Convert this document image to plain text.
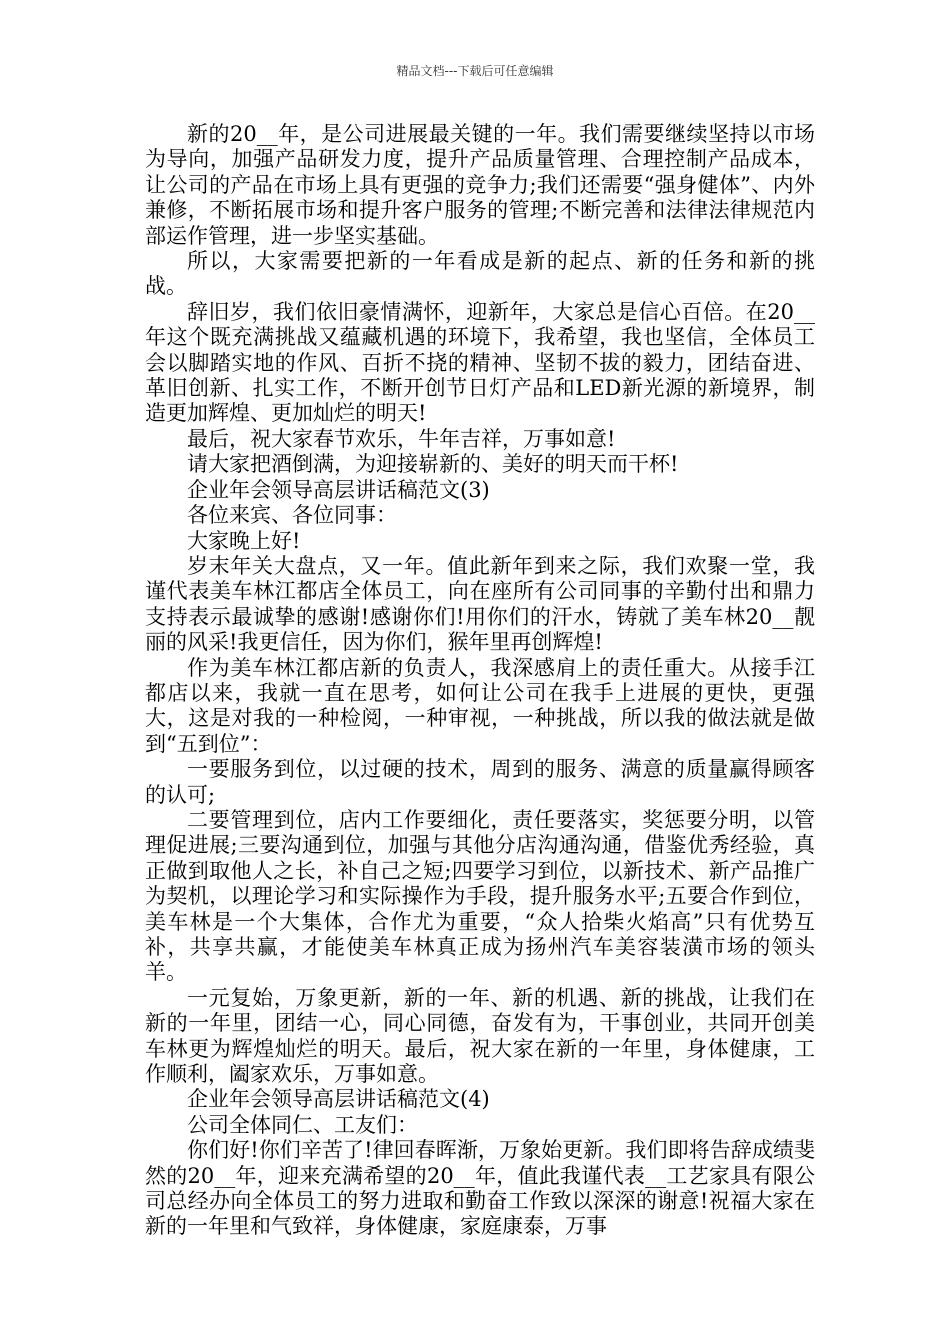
精品文档---下载后可任意编辑

新的20__年，是公司进展最关键的一年。我们需要继续坚持以市场为导向，加强产品研发力度，提升产品质量管理、合理控制产品成本，让公司的产品在市场上具有更强的竞争力;我们还需要“强身健体”、内外兼修，不断拓展市场和提升客户服务的管理;不断完善和法律法律规范内部运作管理，进一步坚实基础。

所以，大家需要把新的一年看成是新的起点、新的任务和新的挑战。

辞旧岁，我们依旧豪情满怀，迎新年，大家总是信心百倍。在20__年这个既充满挑战又蕴藏机遇的环境下，我希望，我也坚信，全体员工会以脚踏实地的作风、百折不挠的精神、坚韧不拔的毅力，团结奋进、革旧创新、扎实工作，不断开创节日灯产品和LED新光源的新境界，制造更加辉煌、更加灿烂的明天!

最后，祝大家春节欢乐，牛年吉祥，万事如意!

请大家把酒倒满，为迎接崭新的、美好的明天而干杯!

企业年会领导高层讲话稿范文(3)

各位来宾、各位同事：

大家晚上好!

岁末年关大盘点，又一年。值此新年到来之际，我们欢聚一堂，我谨代表美车林江都店全体员工，向在座所有公司同事的辛勤付出和鼎力支持表示最诚挚的感谢!感谢你们!用你们的汗水，铸就了美车林20__靓丽的风采!我更信任，因为你们，猴年里再创辉煌!

作为美车林江都店新的负责人，我深感肩上的责任重大。从接手江都店以来，我就一直在思考，如何让公司在我手上进展的更快，更强大，这是对我的一种检阅，一种审视，一种挑战，所以我的做法就是做到“五到位”：

一要服务到位，以过硬的技术，周到的服务、满意的质量赢得顾客的认可;

二要管理到位，店内工作要细化，责任要落实，奖惩要分明，以管理促进展;三要沟通到位，加强与其他分店沟通沟通，借鉴优秀经验，真正做到取他人之长，补自己之短;四要学习到位，以新技术、新产品推广为契机，以理论学习和实际操作为手段，提升服务水平;五要合作到位，美车林是一个大集体，合作尤为重要，“众人拾柴火焰高”只有优势互补，共享共赢，才能使美车林真正成为扬州汽车美容装潢市场的领头羊。

一元复始，万象更新，新的一年、新的机遇、新的挑战，让我们在新的一年里，团结一心，同心同德，奋发有为，干事创业，共同开创美车林更为辉煌灿烂的明天。最后，祝大家在新的一年里，身体健康，工作顺利，阖家欢乐，万事如意。

企业年会领导高层讲话稿范文(4)

公司全体同仁、工友们：

你们好!你们辛苦了!律回春晖渐，万象始更新。我们即将告辞成绩斐然的20__年，迎来充满希望的20__年，值此我谨代表__工艺家具有限公司总经办向全体员工的努力进取和勤奋工作致以深深的谢意!祝福大家在新的一年里和气致祥，身体健康，家庭康泰，万事
